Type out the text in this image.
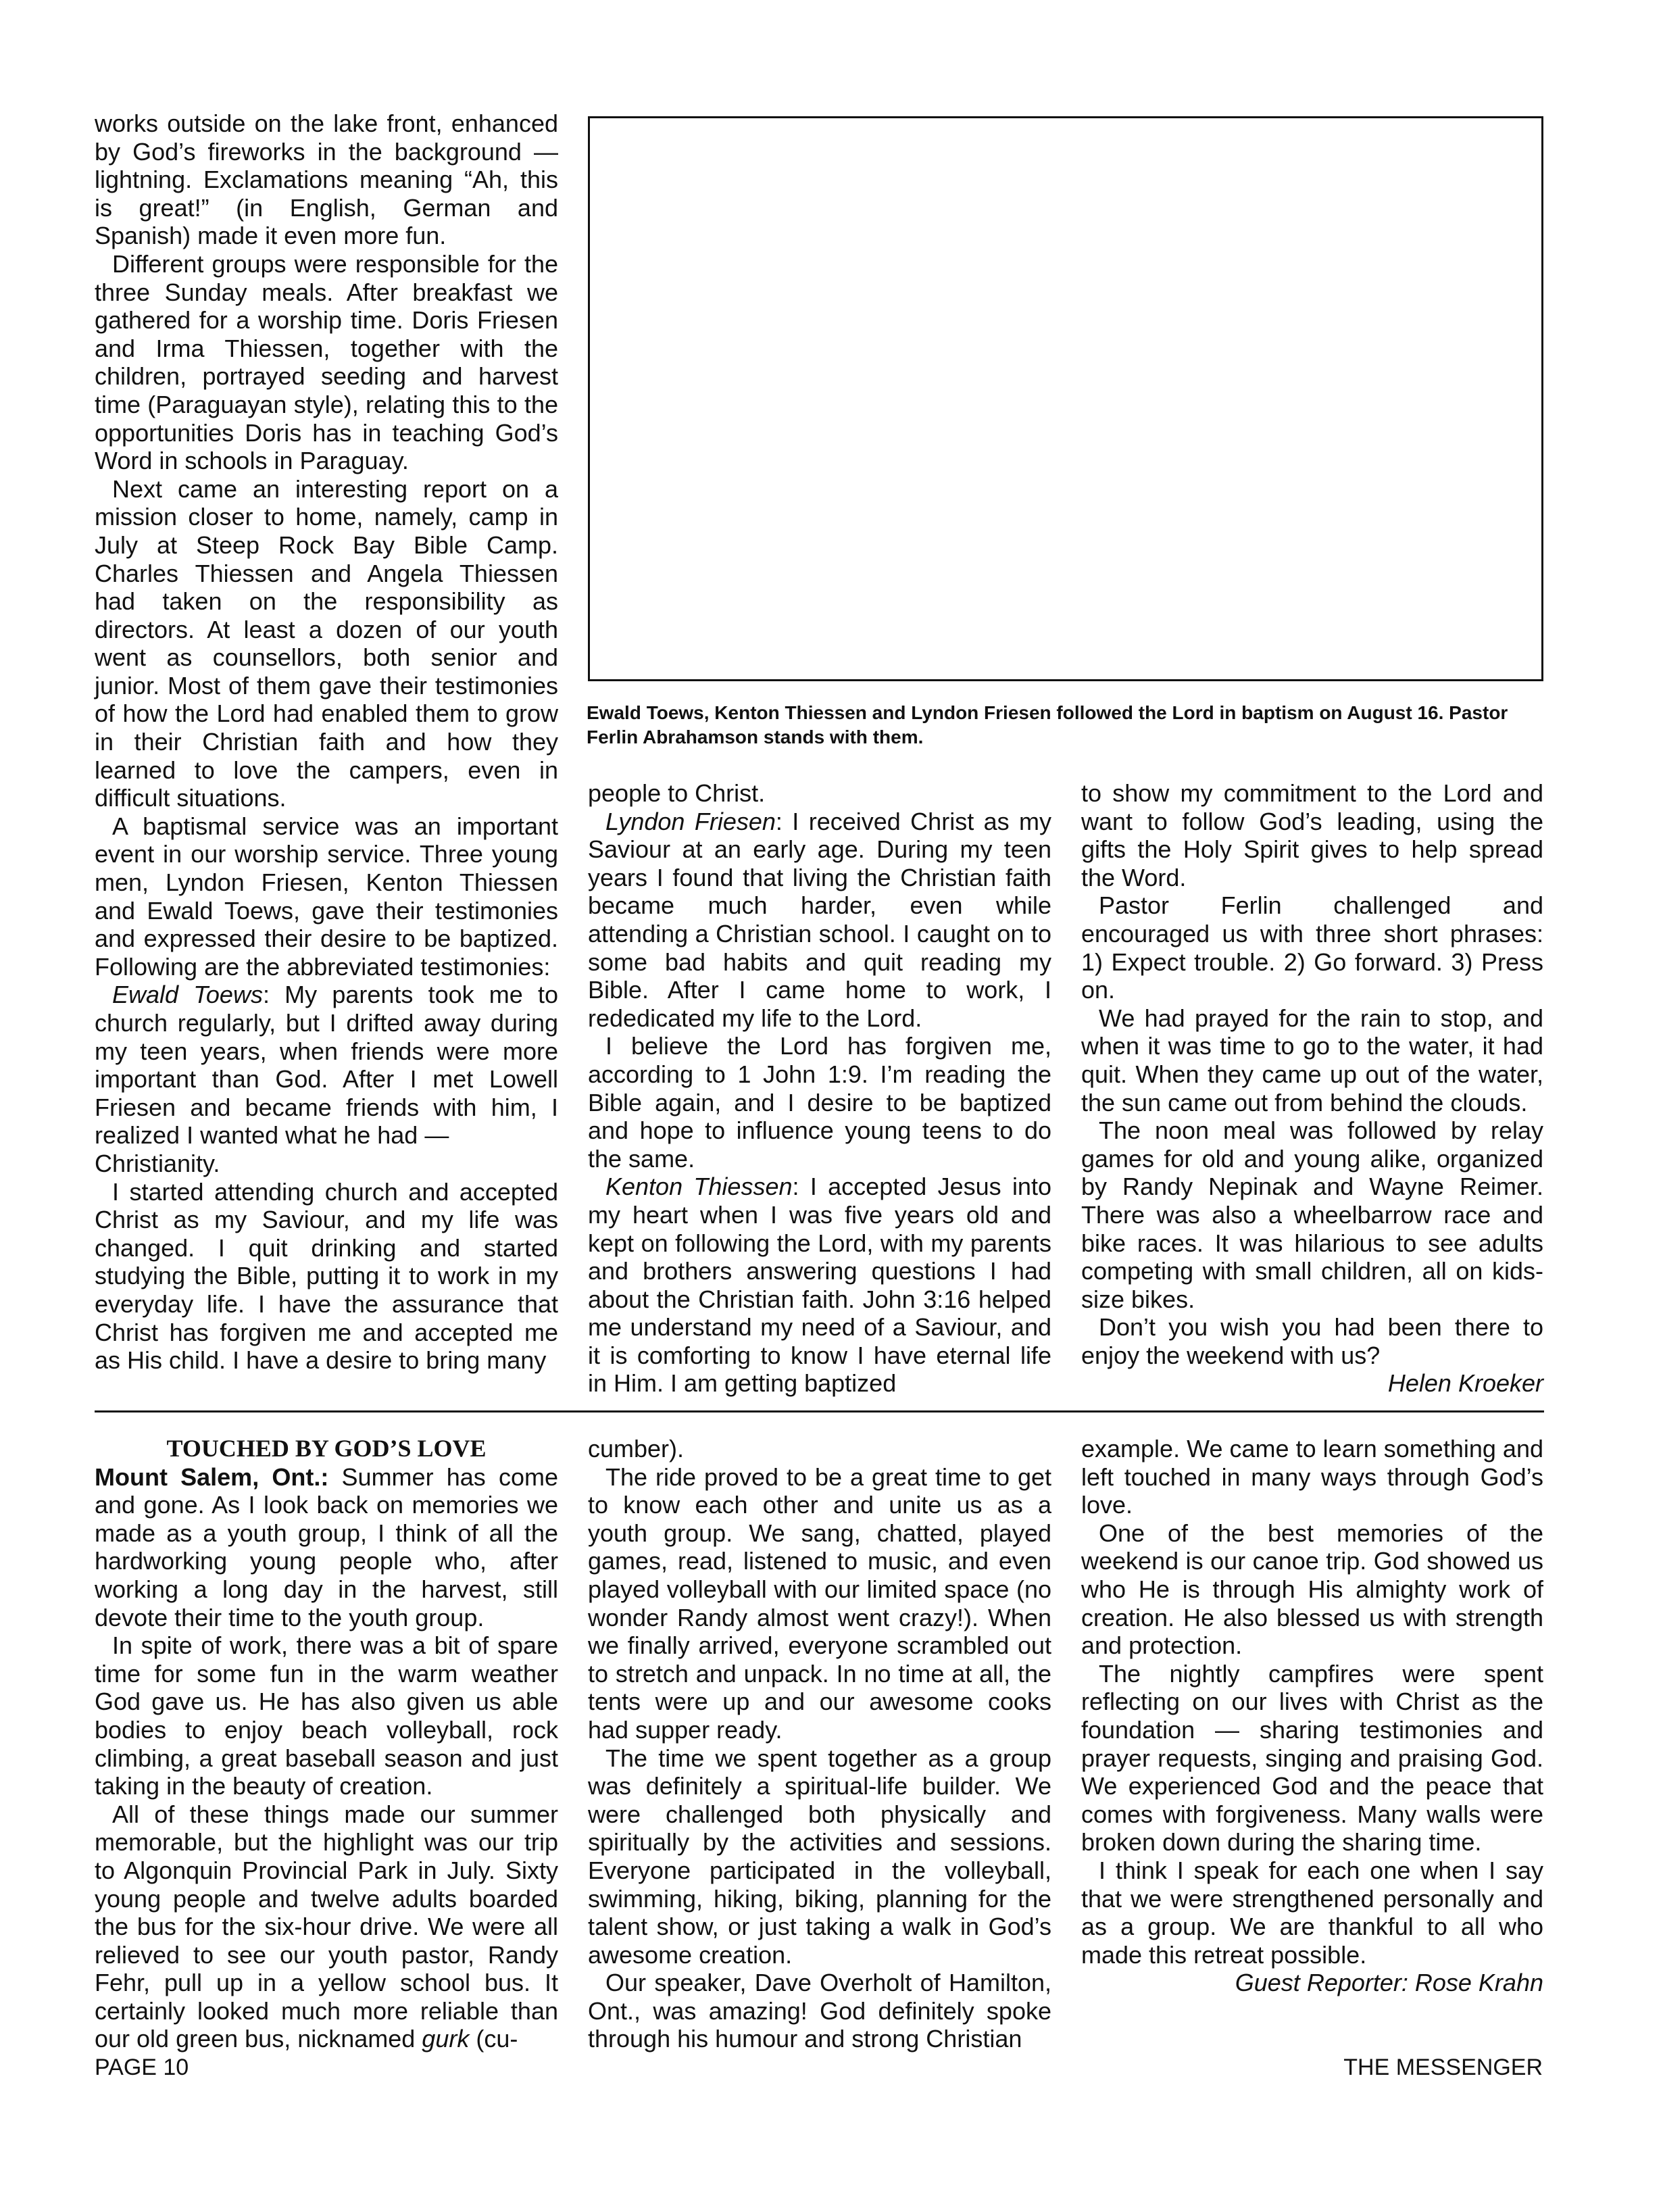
works outside on the lake front, enhanced by God’s fireworks in the background — lightning. Exclamations meaning “Ah, this is great!” (in English, German and Spanish) made it even more fun.

Different groups were responsible for the three Sunday meals. After breakfast we gathered for a worship time. Doris Friesen and Irma Thiessen, together with the children, portrayed seeding and harvest time (Paraguayan style), relating this to the opportunities Doris has in teaching God’s Word in schools in Paraguay.

Next came an interesting report on a mission closer to home, namely, camp in July at Steep Rock Bay Bible Camp. Charles Thiessen and Angela Thiessen had taken on the responsibility as directors. At least a dozen of our youth went as counsellors, both senior and junior. Most of them gave their testimonies of how the Lord had enabled them to grow in their Christian faith and how they learned to love the campers, even in difficult situations.

A baptismal service was an important event in our worship service. Three young men, Lyndon Friesen, Kenton Thiessen and Ewald Toews, gave their testimonies and expressed their desire to be baptized. Following are the abbreviated testimonies:

Ewald Toews: My parents took me to church regularly, but I drifted away during my teen years, when friends were more important than God. After I met Lowell Friesen and became friends with him, I realized I wanted what he had —

Christianity.

I started attending church and accepted Christ as my Saviour, and my life was changed. I quit drinking and started studying the Bible, putting it to work in my everyday life. I have the assurance that Christ has forgiven me and accepted me as His child. I have a desire to bring many

Ewald Toews, Kenton Thiessen and Lyndon Friesen followed the Lord in baptism on August 16. Pastor Ferlin Abrahamson stands with them.

people to Christ.

Lyndon Friesen: I received Christ as my Saviour at an early age. During my teen years I found that living the Christian faith became much harder, even while attending a Christian school. I caught on to some bad habits and quit reading my Bible. After I came home to work, I rededicated my life to the Lord.

I believe the Lord has forgiven me, according to 1 John 1:9. I’m reading the Bible again, and I desire to be baptized and hope to influence young teens to do the same.

Kenton Thiessen: I accepted Jesus into my heart when I was five years old and kept on following the Lord, with my parents and brothers answering questions I had about the Christian faith. John 3:16 helped me understand my need of a Saviour, and it is comforting to know I have eternal life in Him. I am getting baptized

to show my commitment to the Lord and want to follow God’s leading, using the gifts the Holy Spirit gives to help spread the Word.

Pastor Ferlin challenged and encouraged us with three short phrases: 1) Expect trouble. 2) Go forward. 3) Press on.

We had prayed for the rain to stop, and when it was time to go to the water, it had quit. When they came up out of the water, the sun came out from behind the clouds.

The noon meal was followed by relay games for old and young alike, organized by Randy Nepinak and Wayne Reimer. There was also a wheelbarrow race and bike races. It was hilarious to see adults competing with small children, all on kids-size bikes.

Don’t you wish you had been there to enjoy the weekend with us?

Helen Kroeker

TOUCHED BY GOD’S LOVE

Mount Salem, Ont.: Summer has come and gone. As I look back on memories we made as a youth group, I think of all the hardworking young people who, after working a long day in the harvest, still devote their time to the youth group.

In spite of work, there was a bit of spare time for some fun in the warm weather God gave us. He has also given us able bodies to enjoy beach volleyball, rock climbing, a great baseball season and just taking in the beauty of creation.

All of these things made our summer memorable, but the highlight was our trip to Algonquin Provincial Park in July. Sixty young people and twelve adults boarded the bus for the six-hour drive. We were all relieved to see our youth pastor, Randy Fehr, pull up in a yellow school bus. It certainly looked much more reliable than our old green bus, nicknamed gurk (cu-

cumber).

The ride proved to be a great time to get to know each other and unite us as a youth group. We sang, chatted, played games, read, listened to music, and even played volleyball with our limited space (no wonder Randy almost went crazy!). When we finally arrived, everyone scrambled out to stretch and unpack. In no time at all, the tents were up and our awesome cooks had supper ready.

The time we spent together as a group was definitely a spiritual-life builder. We were challenged both physically and spiritually by the activities and sessions. Everyone participated in the volleyball, swimming, hiking, biking, planning for the talent show, or just taking a walk in God’s awesome creation.

Our speaker, Dave Overholt of Hamilton, Ont., was amazing! God definitely spoke through his humour and strong Christian

example. We came to learn something and left touched in many ways through God’s love.

One of the best memories of the weekend is our canoe trip. God showed us who He is through His almighty work of creation. He also blessed us with strength and protection.

The nightly campfires were spent reflecting on our lives with Christ as the foundation — sharing testimonies and prayer requests, singing and praising God. We experienced God and the peace that comes with forgiveness. Many walls were broken down during the sharing time.

I think I speak for each one when I say that we were strengthened personally and as a group. We are thankful to all who made this retreat possible.

Guest Reporter: Rose Krahn

PAGE 10	THE MESSENGER
